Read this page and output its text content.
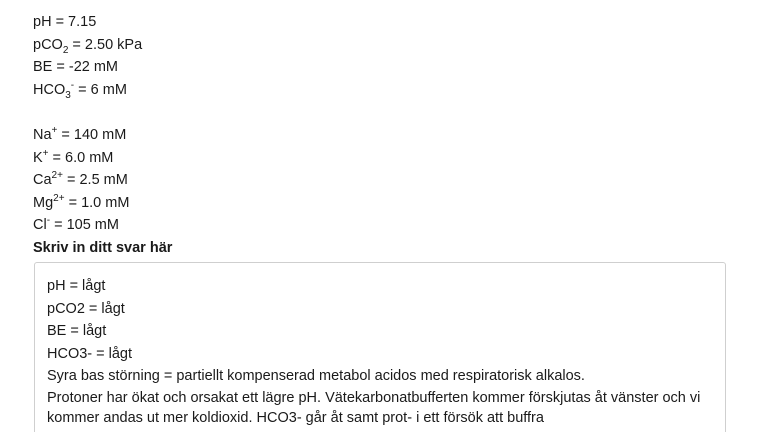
pH = 7.15
pCO$_2$ = 2.50 kPa
BE = -22 mM
$HCO_3^- = 6$ mM
Na+ = 140 mM
K+ = 6.0 mM
$Ca^{2+} = 2.5$ mM
$Mg^{2+} = 1.0$ mM
Cl- = 105 mM
Skriv in ditt svar här
pH = lågt
pCO2 = lågt
BE = lågt
HCO3- = lågt
Syra bas störning = partiellt kompenserad metabol acidos med respiratorisk alkalos.
Protoner har ökat och orsakat ett lägre pH. Vätekarbonatbufferten kommer förskjutas åt vänster och vi kommer andas ut mer koldioxid. HCO3- går åt samt prot- i ett försök att buffra
